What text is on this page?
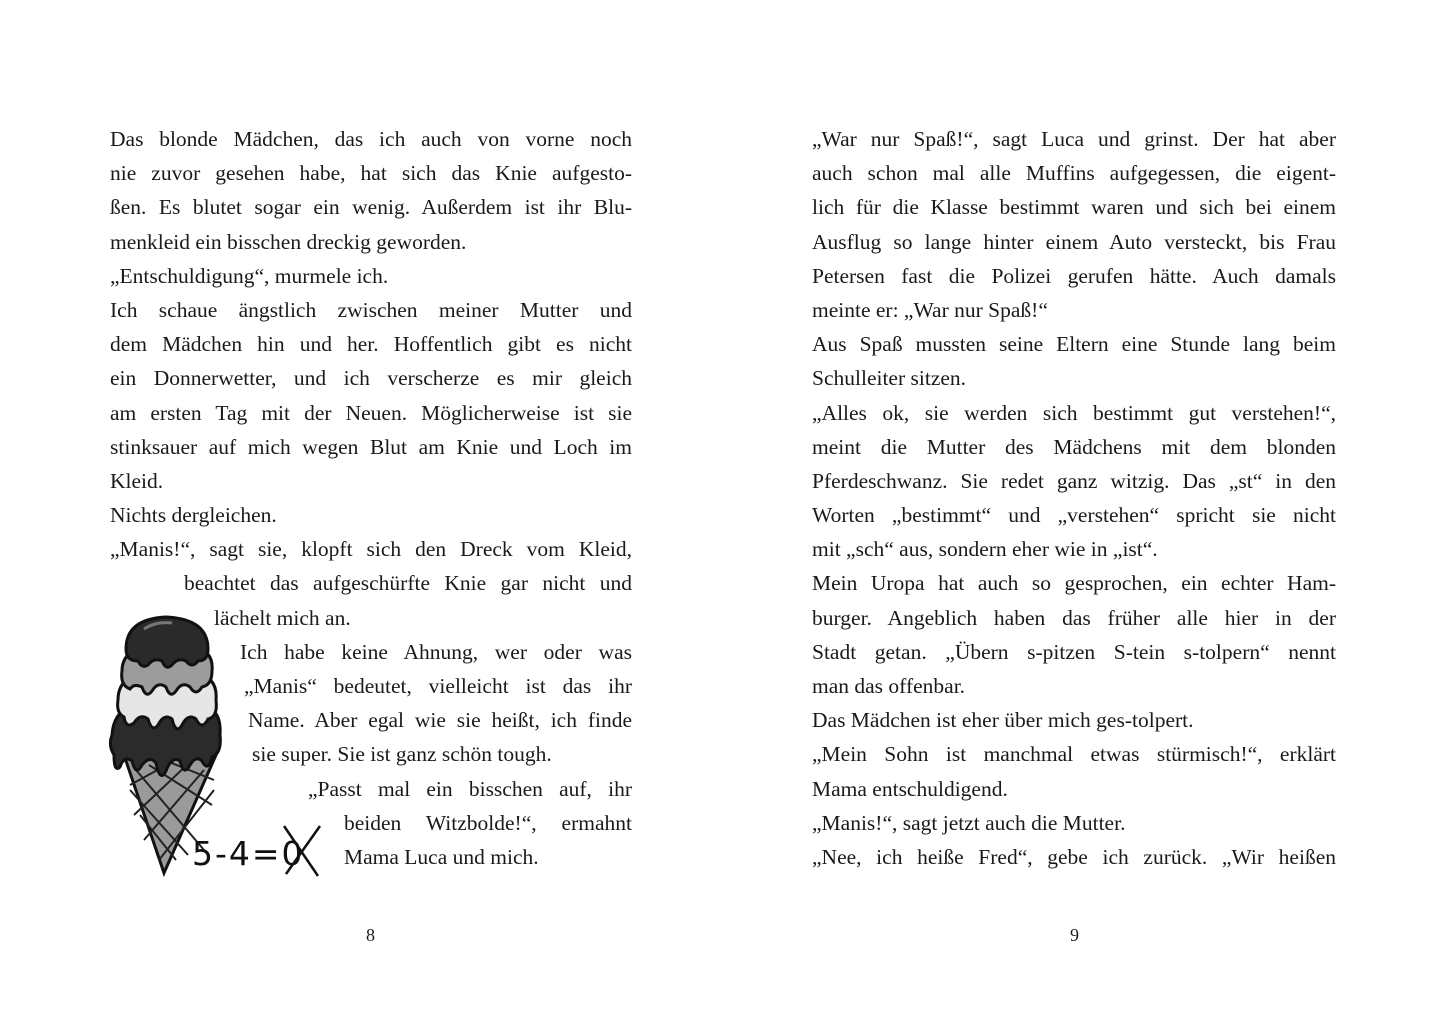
Das blonde Mädchen, das ich auch von vorne noch
nie zuvor gesehen habe, hat sich das Knie aufgesto-
ßen. Es blutet sogar ein wenig. Außerdem ist ihr Blu-
menkleid ein bisschen dreckig geworden.
„Entschuldigung“, murmele ich.
Ich schaue ängstlich zwischen meiner Mutter und
dem Mädchen hin und her. Hoffentlich gibt es nicht
ein Donnerwetter, und ich verscherze es mir gleich
am ersten Tag mit der Neuen. Möglicherweise ist sie
stinksauer auf mich wegen Blut am Knie und Loch im
Kleid.
Nichts dergleichen.
„Manis!“, sagt sie, klopft sich den Dreck vom Kleid,
beachtet das aufgeschürfte Knie gar nicht und
lächelt mich an.
Ich habe keine Ahnung, wer oder was
„Manis“ bedeutet, vielleicht ist das ihr
Name. Aber egal wie sie heißt, ich finde
sie super. Sie ist ganz schön tough.
„Passt mal ein bisschen auf, ihr
beiden Witzbolde!“, ermahnt
Mama Luca und mich.
5-4=0
8
„War nur Spaß!“, sagt Luca und grinst. Der hat aber
auch schon mal alle Muffins aufgegessen, die eigent-
lich für die Klasse bestimmt waren und sich bei einem
Ausflug so lange hinter einem Auto versteckt, bis Frau
Petersen fast die Polizei gerufen hätte. Auch damals
meinte er: „War nur Spaß!“
Aus Spaß mussten seine Eltern eine Stunde lang beim
Schulleiter sitzen.
„Alles ok, sie werden sich bestimmt gut verstehen!“,
meint die Mutter des Mädchens mit dem blonden
Pferdeschwanz. Sie redet ganz witzig. Das „st“ in den
Worten „bestimmt“ und „verstehen“ spricht sie nicht
mit „sch“ aus, sondern eher wie in „ist“.
Mein Uropa hat auch so gesprochen, ein echter Ham-
burger. Angeblich haben das früher alle hier in der
Stadt getan. „Übern s-pitzen S-tein s-tolpern“ nennt
man das offenbar.
Das Mädchen ist eher über mich ges-tolpert.
„Mein Sohn ist manchmal etwas stürmisch!“, erklärt
Mama entschuldigend.
„Manis!“, sagt jetzt auch die Mutter.
„Nee, ich heiße Fred“, gebe ich zurück. „Wir heißen
9
